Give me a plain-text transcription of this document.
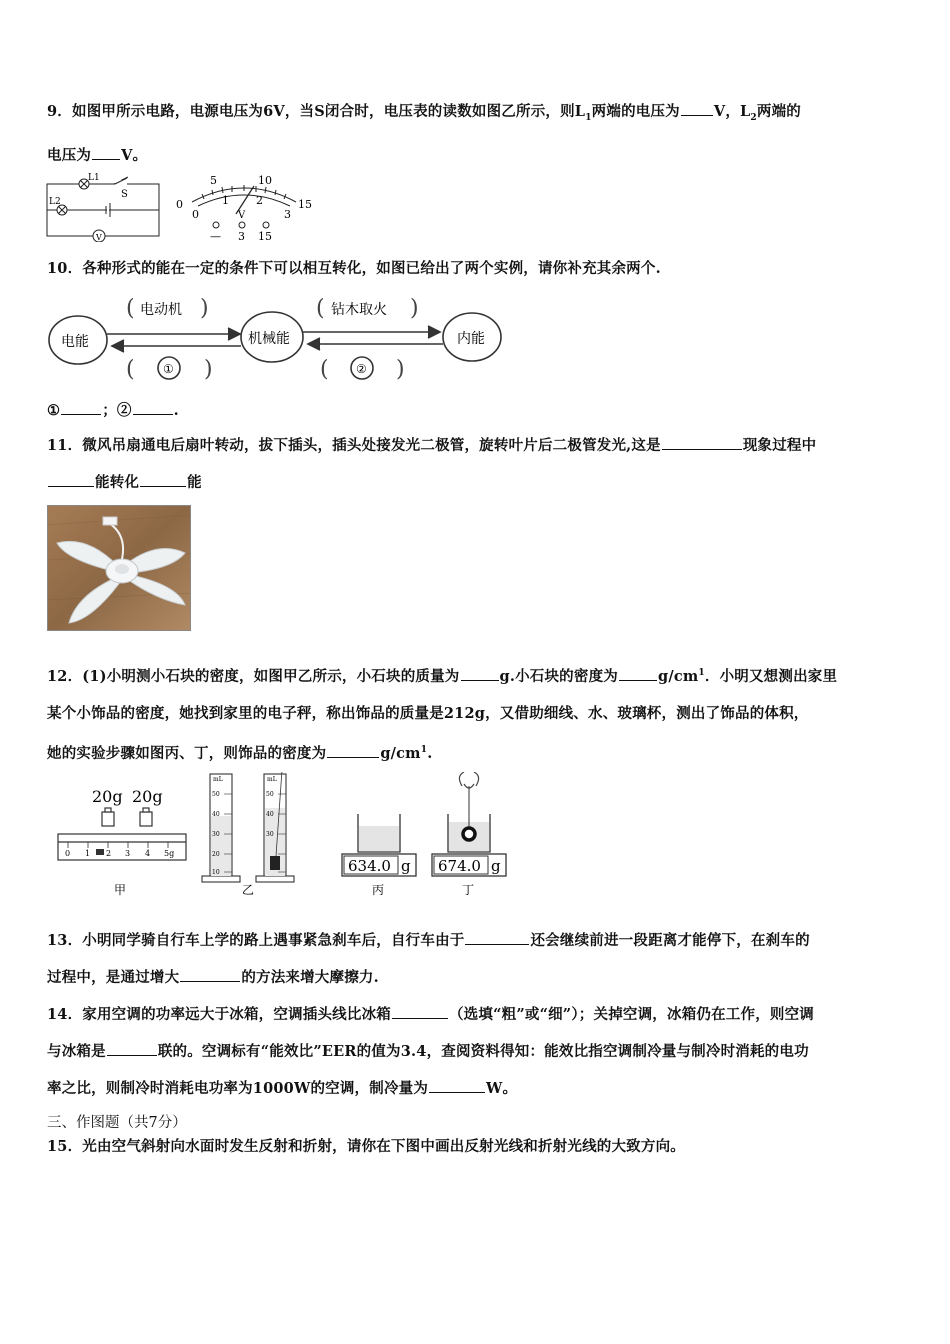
9．如图甲所示电路，电源电压为6V，当S闭合时，电压表的读数如图乙所示，则$L_1$两端的电压为 V，$L_2$两端的
电压为 V。
L1
L2
S
V
5	10
0	15
0
1 2
3
V
— 3 15
10．各种形式的能在一定的条件下可以相互转化，如图已给出了两个实例，请你补充其余两个.
电能	机械能	内能
( 电动机 )	( 钻木取火 )
( ① )	( ② )
①	；②	.
11．微风吊扇通电后扇叶转动，拔下插头，插头处接发光二极管，旋转叶片后二极管发光,这是	现象过程中
能转化	能
12．(1)小明测小石块的密度，如图甲乙所示，小石块的质量为	g.小石块的密度为	$g/cm^1$．小明又想测出家里
某个小饰品的密度，她找到家里的电子秤，称出饰品的质量是212g，又借助细线、水、玻璃杯，测出了饰品的体积，
她的实验步骤如图丙、丁，则饰品的密度为	$g/cm^1$.
20g 20g
0 1 2 3 4 5g
甲
mL	mL
50
40
30
20
10
50
40
30
乙
634.0 g
丙
674.0 g
丁
13．小明同学骑自行车上学的路上遇事紧急刹车后，自行车由于	还会继续前进一段距离才能停下，在刹车的
过程中，是通过增大	的方法来增大摩擦力.
14．家用空调的功率远大于冰箱，空调插头线比冰箱	（选填“粗”或“细”）；关掉空调，冰箱仍在工作，则空调
与冰箱是	联的。空调标有“能效比”EER的值为3.4，查阅资料得知：能效比指空调制冷量与制冷时消耗的电功
率之比，则制冷时消耗电功率为1000W的空调，制冷量为	W。
三、作图题（共7分）
15．光由空气斜射向水面时发生反射和折射，请你在下图中画出反射光线和折射光线的大致方向。
